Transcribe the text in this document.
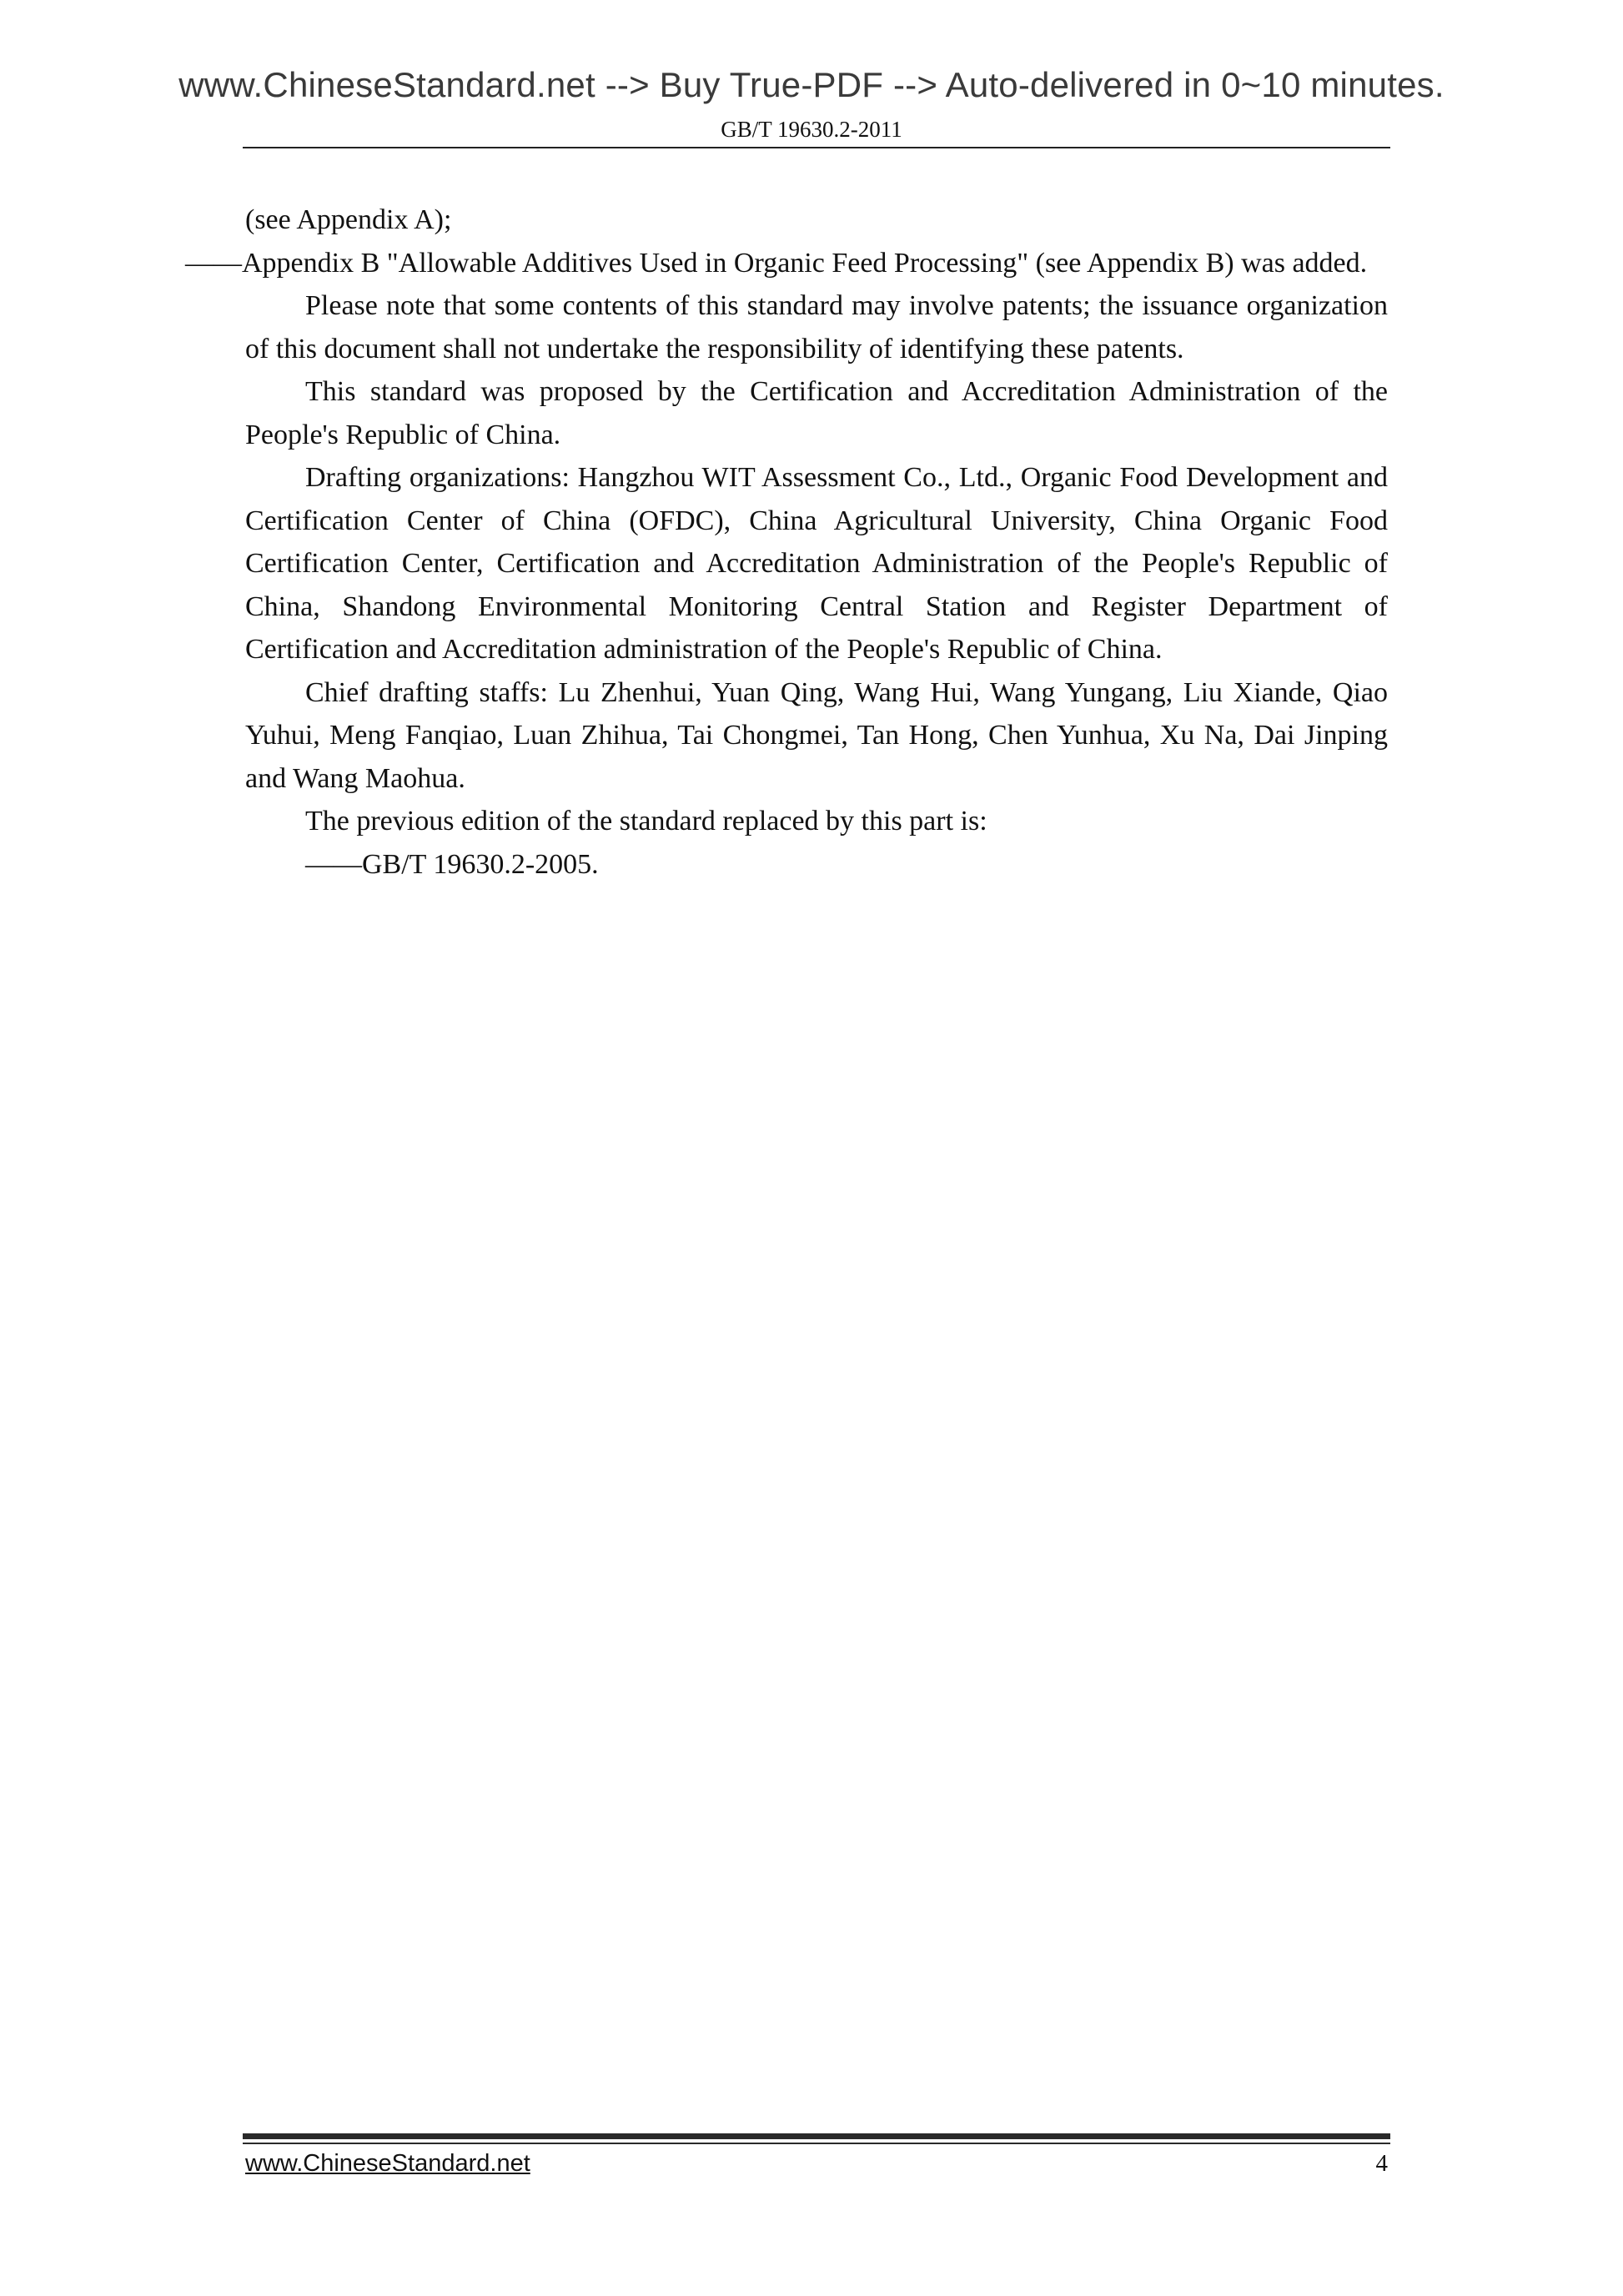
www.ChineseStandard.net --> Buy True-PDF --> Auto-delivered in 0~10 minutes.
GB/T 19630.2-2011

(see Appendix A);

——Appendix B "Allowable Additives Used in Organic Feed Processing" (see Appendix B) was added.

Please note that some contents of this standard may involve patents; the issuance organization of this document shall not undertake the responsibility of identifying these patents.

This standard was proposed by the Certification and Accreditation Administration of the People's Republic of China.

Drafting organizations: Hangzhou WIT Assessment Co., Ltd., Organic Food Development and Certification Center of China (OFDC), China Agricultural University, China Organic Food Certification Center, Certification and Accreditation Administration of the People's Republic of China, Shandong Environmental Monitoring Central Station and Register Department of Certification and Accreditation administration of the People's Republic of China.

Chief drafting staffs: Lu Zhenhui, Yuan Qing, Wang Hui, Wang Yungang, Liu Xiande, Qiao Yuhui, Meng Fanqiao, Luan Zhihua, Tai Chongmei, Tan Hong, Chen Yunhua, Xu Na, Dai Jinping and Wang Maohua.

The previous edition of the standard replaced by this part is:

——GB/T 19630.2-2005.

www.ChineseStandard.net	4
